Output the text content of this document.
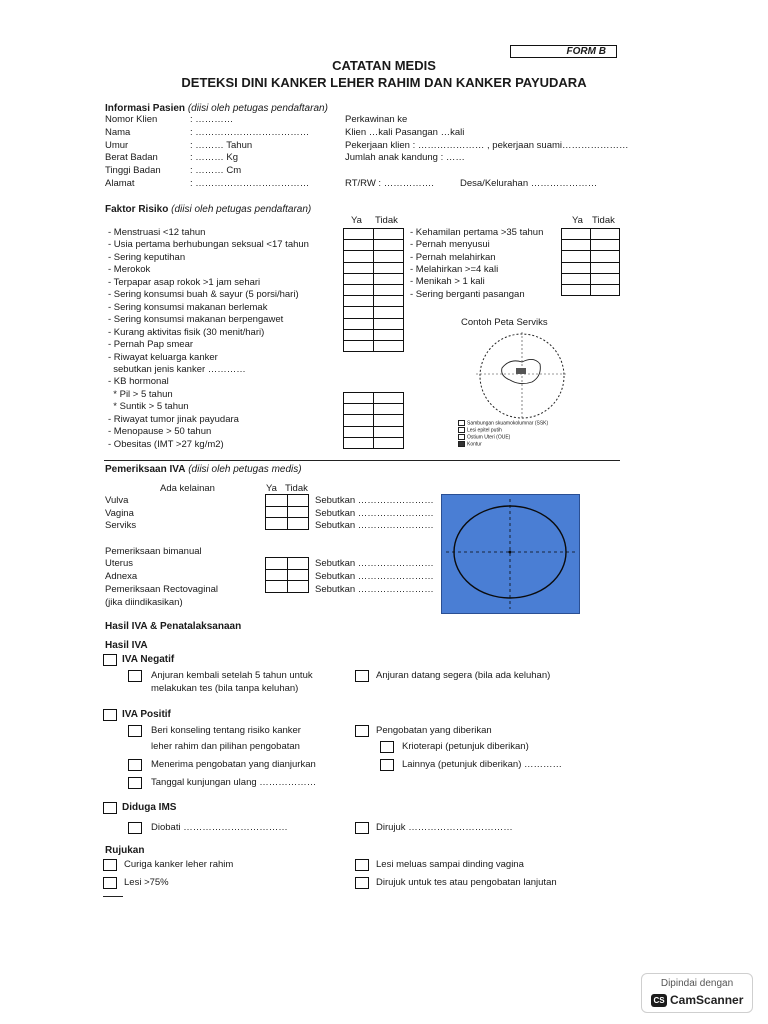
FORM B
CATATAN MEDIS
DETEKSI DINI KANKER LEHER RAHIM DAN KANKER PAYUDARA
Informasi Pasien (diisi oleh petugas pendaftaran)
Nomor Klien	: …………
Nama	: ………………………………
Umur	: ……… Tahun
Berat Badan	: ……… Kg
Tinggi Badan	: ……… Cm
Alamat	: ………………………………
Perkawinan ke
Klien …kali Pasangan …kali
Pekerjaan klien : ………………… , pekerjaan suami…………………
Jumlah anak kandung : ……
RT/RW : …………….	Desa/Kelurahan …………………
Faktor Risiko (diisi oleh petugas pendaftaran)
Ya Tidak	Ya Tidak
- Menstruasi <12 tahun
- Usia pertama berhubungan seksual <17 tahun
- Sering keputihan
- Merokok
- Terpapar asap rokok >1 jam sehari
- Sering konsumsi buah & sayur (5 porsi/hari)
- Sering konsumsi makanan berlemak
- Sering konsumsi makanan berpengawet
- Kurang aktivitas fisik (30 menit/hari)
- Pernah Pap smear
- Riwayat keluarga kanker
sebutkan jenis kanker …………
- KB hormonal
* Pil > 5 tahun
* Suntik > 5 tahun
- Riwayat tumor jinak payudara
- Menopause > 50 tahun
- Obesitas (IMT >27 kg/m2)
- Kehamilan pertama >35 tahun
- Pernah menyusui
- Pernah melahirkan
- Melahirkan >=4 kali
- Menikah > 1 kali
- Sering berganti pasangan

Contoh Peta Serviks
Sambungan skuamokolumnar (SSK)
Lesi epitel putih
Ostium Uteri (OUE)
Kontur
Pemeriksaan IVA (diisi oleh petugas medis)
Ada kelainan	Ya Tidak
Vulva	Sebutkan ……………………
Vagina	Sebutkan ……………………
Serviks	Sebutkan ……………………
Pemeriksaan bimanual
Uterus	Sebutkan ……………………
Adnexa	Sebutkan ……………………
Pemeriksaan Rectovaginal	Sebutkan ……………………
(jika diindikasikan)

Hasil IVA & Penatalaksanaan
Hasil IVA
IVA Negatif
Anjuran kembali setelah 5 tahun untuk
melakukan tes (bila tanpa keluhan)
Anjuran datang segera (bila ada keluhan)
IVA Positif
Beri konseling tentang risiko kanker
leher rahim dan pilihan pengobatan
Menerima pengobatan yang dianjurkan
Tanggal kunjungan ulang ………………
Pengobatan yang diberikan
Krioterapi (petunjuk diberikan)
Lainnya (petunjuk diberikan) …………
Diduga IMS
Diobati ……………………………	Dirujuk ……………………………
Rujukan
Curiga kanker leher rahim
Lesi >75%
Lesi meluas sampai dinding vagina
Dirujuk untuk tes atau pengobatan lanjutan
Dipindai dengan
CS CamScanner
